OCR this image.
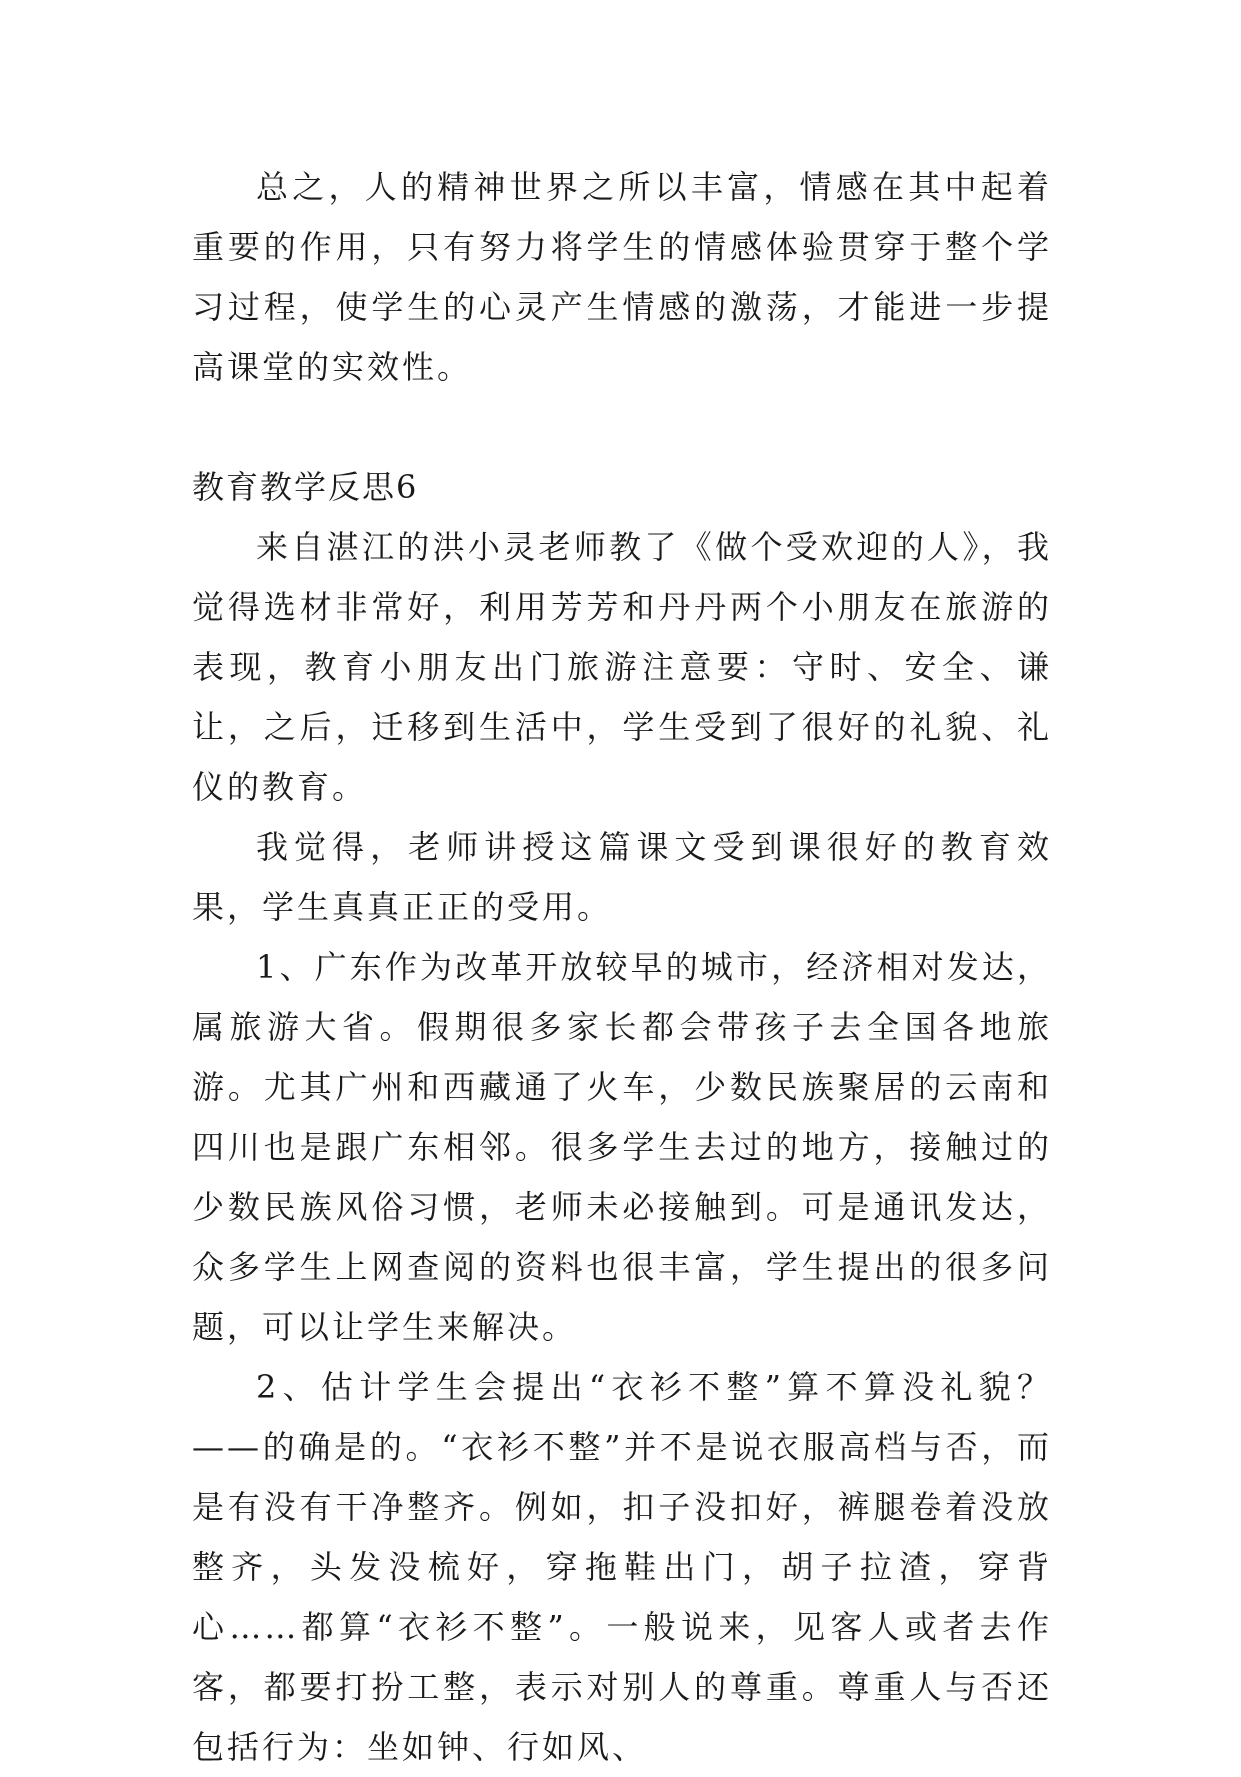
总之，人的精神世界之所以丰富，情感在其中起着重要的作用，只有努力将学生的情感体验贯穿于整个学习过程，使学生的心灵产生情感的激荡，才能进一步提高课堂的实效性。

教育教学反思6

来自湛江的洪小灵老师教了《做个受欢迎的人》，我觉得选材非常好，利用芳芳和丹丹两个小朋友在旅游的表现，教育小朋友出门旅游注意要：守时、安全、谦让，之后，迁移到生活中，学生受到了很好的礼貌、礼仪的教育。

我觉得，老师讲授这篇课文受到课很好的教育效果，学生真真正正的受用。

1、广东作为改革开放较早的城市，经济相对发达，属旅游大省。假期很多家长都会带孩子去全国各地旅游。尤其广州和西藏通了火车，少数民族聚居的云南和四川也是跟广东相邻。很多学生去过的地方，接触过的少数民族风俗习惯，老师未必接触到。可是通讯发达，众多学生上网查阅的资料也很丰富，学生提出的很多问题，可以让学生来解决。

2、估计学生会提出“衣衫不整”算不算没礼貌？——的确是的。“衣衫不整”并不是说衣服高档与否，而是有没有干净整齐。例如，扣子没扣好，裤腿卷着没放整齐，头发没梳好，穿拖鞋出门，胡子拉渣，穿背心……都算“衣衫不整”。一般说来，见客人或者去作客，都要打扮工整，表示对别人的尊重。尊重人与否还包括行为：坐如钟、行如风、
